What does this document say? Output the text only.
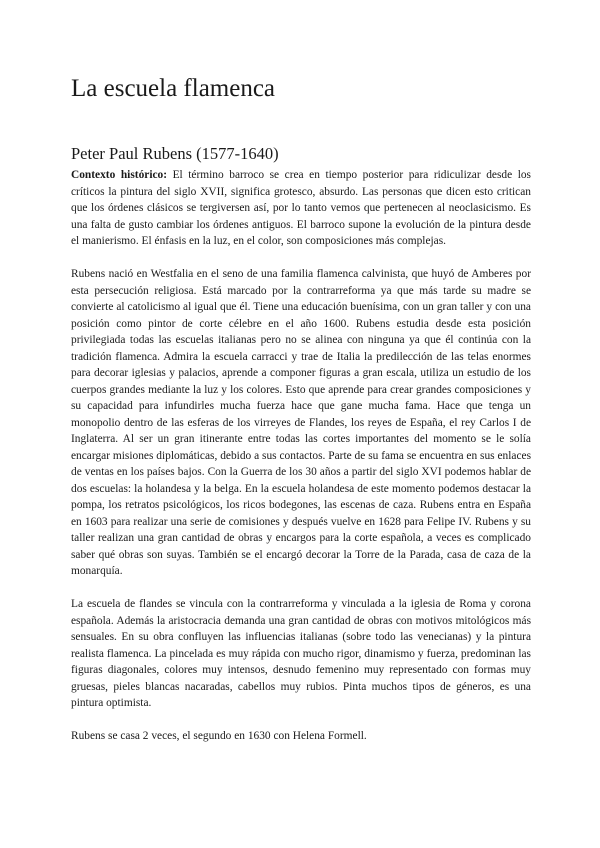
La escuela flamenca
Peter Paul Rubens (1577-1640)

Contexto histórico: El término barroco se crea en tiempo posterior para ridiculizar desde los críticos la pintura del siglo XVII, significa grotesco, absurdo. Las personas que dicen esto critican que los órdenes clásicos se tergiversen así, por lo tanto vemos que pertenecen al neoclasicismo. Es una falta de gusto cambiar los órdenes antiguos. El barroco supone la evolución de la pintura desde el manierismo. El énfasis en la luz, en el color, son composiciones más complejas.

Rubens nació en Westfalia en el seno de una familia flamenca calvinista, que huyó de Amberes por esta persecución religiosa. Está marcado por la contrarreforma ya que más tarde su madre se convierte al catolicismo al igual que él. Tiene una educación buenísima, con un gran taller y con una posición como pintor de corte célebre en el año 1600. Rubens estudia desde esta posición privilegiada todas las escuelas italianas pero no se alinea con ninguna ya que él continúa con la tradición flamenca. Admira la escuela carracci y trae de Italia la predilección de las telas enormes para decorar iglesias y palacios, aprende a componer figuras a gran escala, utiliza un estudio de los cuerpos grandes mediante la luz y los colores. Esto que aprende para crear grandes composiciones y su capacidad para infundirles mucha fuerza hace que gane mucha fama. Hace que tenga un monopolio dentro de las esferas de los virreyes de Flandes, los reyes de España, el rey Carlos I de Inglaterra. Al ser un gran itinerante entre todas las cortes importantes del momento se le solía encargar misiones diplomáticas, debido a sus contactos. Parte de su fama se encuentra en sus enlaces de ventas en los países bajos. Con la Guerra de los 30 años a partir del siglo XVI podemos hablar de dos escuelas: la holandesa y la belga. En la escuela holandesa de este momento podemos destacar la pompa, los retratos psicológicos, los ricos bodegones, las escenas de caza. Rubens entra en España en 1603 para realizar una serie de comisiones y después vuelve en 1628 para Felipe IV. Rubens y su taller realizan una gran cantidad de obras y encargos para la corte española, a veces es complicado saber qué obras son suyas. También se el encargó decorar la Torre de la Parada, casa de caza de la monarquía.

La escuela de flandes se vincula con la contrarreforma y vinculada a la iglesia de Roma y corona española. Además la aristocracia demanda una gran cantidad de obras con motivos mitológicos más sensuales. En su obra confluyen las influencias italianas (sobre todo las venecianas) y la pintura realista flamenca. La pincelada es muy rápida con mucho rigor, dinamismo y fuerza, predominan las figuras diagonales, colores muy intensos, desnudo femenino muy representado con formas muy gruesas, pieles blancas nacaradas, cabellos muy rubios. Pinta muchos tipos de géneros, es una pintura optimista.

Rubens se casa 2 veces, el segundo en 1630 con Helena Formell.
